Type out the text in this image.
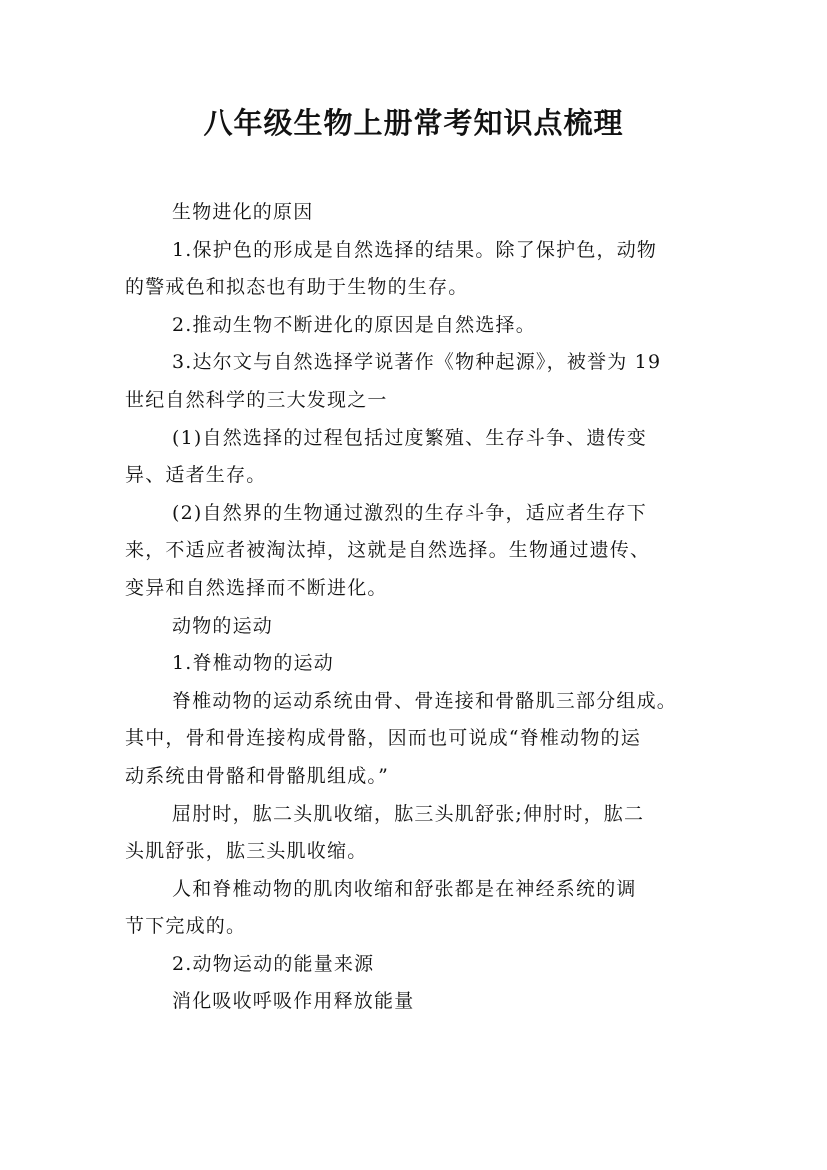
八年级生物上册常考知识点梳理
生物进化的原因
1.保护色的形成是自然选择的结果。除了保护色，动物
的警戒色和拟态也有助于生物的生存。
2.推动生物不断进化的原因是自然选择。
3.达尔文与自然选择学说著作《物种起源》，被誉为 19
世纪自然科学的三大发现之一
(1)自然选择的过程包括过度繁殖、生存斗争、遗传变
异、适者生存。
(2)自然界的生物通过激烈的生存斗争，适应者生存下
来，不适应者被淘汰掉，这就是自然选择。生物通过遗传、
变异和自然选择而不断进化。
动物的运动
1.脊椎动物的运动
脊椎动物的运动系统由骨、骨连接和骨骼肌三部分组成。
其中，骨和骨连接构成骨骼，因而也可说成“脊椎动物的运
动系统由骨骼和骨骼肌组成。”
屈肘时，肱二头肌收缩，肱三头肌舒张;伸肘时，肱二
头肌舒张，肱三头肌收缩。
人和脊椎动物的肌肉收缩和舒张都是在神经系统的调
节下完成的。
2.动物运动的能量来源
消化吸收呼吸作用释放能量
